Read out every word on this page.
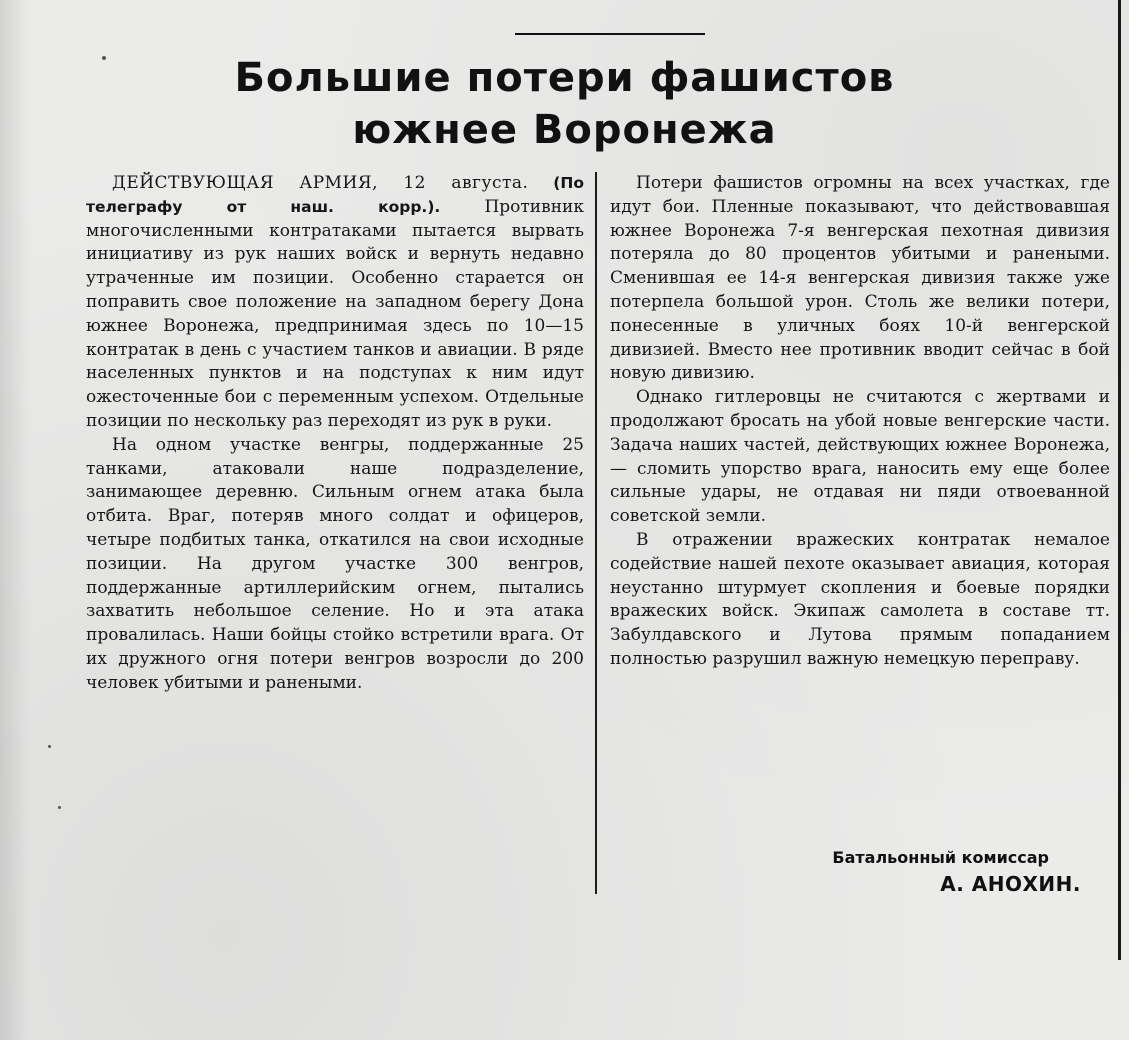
Большие потери фашистов
южнее Воронежа

ДЕЙСТВУЮЩАЯ АРМИЯ, 12 августа. (По телеграфу от наш. корр.).	Противник многочисленными контратаками пытается вырвать инициативу из рук наших войск и вернуть недавно утраченные им позиции. Особенно старается он поправить свое положение на западном берегу Дона южнее Воронежа, предпринимая здесь по 10—15 контратак в день с участием танков и авиации. В ряде населенных пунктов и на подступах к ним идут ожесточенные бои с переменным успехом. Отдельные позиции по нескольку раз переходят из рук в руки.

На одном участке венгры, поддержанные 25 танками, атаковали наше подразделение, занимающее деревню. Сильным огнем атака была отбита. Враг, потеряв много солдат и офицеров, четыре подбитых танка, откатился на свои исходные позиции. На другом участке 300 венгров, поддержанные артиллерийским огнем, пытались захватить небольшое селение. Но и эта атака провалилась. Наши бойцы стойко встретили врага. От их дружного огня потери венгров возросли до 200 человек убитыми и ранеными.

Потери фашистов огромны на всех участках, где идут бои. Пленные показывают, что действовавшая южнее Воронежа 7-я венгерская пехотная дивизия потеряла до 80 процентов убитыми и ранеными. Сменившая ее 14-я венгерская дивизия также уже потерпела большой урон. Столь же велики потери, понесенные в уличных боях 10-й венгерской дивизией. Вместо нее противник вводит сейчас в бой новую дивизию.

Однако гитлеровцы не считаются с жертвами и продолжают бросать на убой новые венгерские части. Задача наших частей, действующих южнее Воронежа, — сломить упорство врага, наносить ему еще более сильные удары, не отдавая ни пяди отвоеванной советской земли.

В отражении вражеских контратак немалое содействие нашей пехоте оказывает авиация, которая неустанно штурмует скопления и боевые порядки вражеских войск. Экипаж самолета в составе тт. Забулдавского и Лутова прямым попаданием полностью разрушил важную немецкую переправу.

Батальонный комиссар
А. АНОХИН.
